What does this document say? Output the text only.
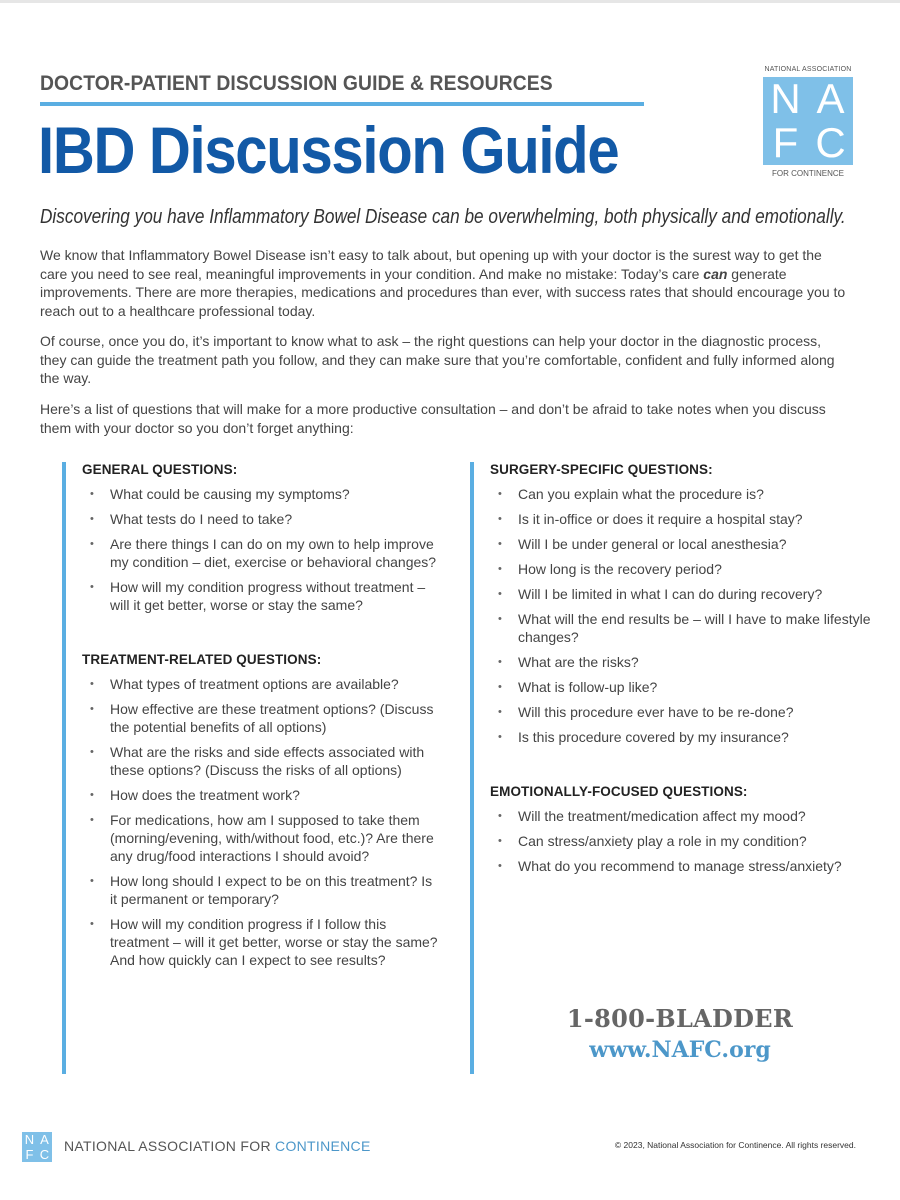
DOCTOR-PATIENT DISCUSSION GUIDE & RESOURCES
IBD Discussion Guide
NATIONAL ASSOCIATION
N A
F C
FOR CONTINENCE
Discovering you have Inflammatory Bowel Disease can be overwhelming, both physically and emotionally.

We know that Inflammatory Bowel Disease isn’t easy to talk about, but opening up with your doctor is the surest way to get the care you need to see real, meaningful improvements in your condition. And make no mistake: Today’s care can generate improvements. There are more therapies, medications and procedures than ever, with success rates that should encourage you to reach out to a healthcare professional today.

Of course, once you do, it’s important to know what to ask – the right questions can help your doctor in the diagnostic process, they can guide the treatment path you follow, and they can make sure that you’re comfortable, confident and fully informed along the way.

Here’s a list of questions that will make for a more productive consultation – and don’t be afraid to take notes when you discuss them with your doctor so you don’t forget anything:

GENERAL QUESTIONS:
• What could be causing my symptoms?
• What tests do I need to take?
• Are there things I can do on my own to help improve my condition – diet, exercise or behavioral changes?
• How will my condition progress without treatment – will it get better, worse or stay the same?
TREATMENT-RELATED QUESTIONS:
• What types of treatment options are available?
• How effective are these treatment options? (Discuss the potential benefits of all options)
• What are the risks and side effects associated with these options? (Discuss the risks of all options)
• How does the treatment work?
• For medications, how am I supposed to take them (morning/evening, with/without food, etc.)? Are there any drug/food interactions I should avoid?
• How long should I expect to be on this treatment? Is it permanent or temporary?
• How will my condition progress if I follow this treatment – will it get better, worse or stay the same? And how quickly can I expect to see results?
SURGERY-SPECIFIC QUESTIONS:
• Can you explain what the procedure is?
• Is it in-office or does it require a hospital stay?
• Will I be under general or local anesthesia?
• How long is the recovery period?
• Will I be limited in what I can do during recovery?
• What will the end results be – will I have to make lifestyle changes?
• What are the risks?
• What is follow-up like?
• Will this procedure ever have to be re-done?
• Is this procedure covered by my insurance?
EMOTIONALLY-FOCUSED QUESTIONS:
• Will the treatment/medication affect my mood?
• Can stress/anxiety play a role in my condition?
• What do you recommend to manage stress/anxiety?
1-800-BLADDER
www.NAFC.org
N A
F C
NATIONAL ASSOCIATION FOR CONTINENCE	© 2023, National Association for Continence. All rights reserved.
